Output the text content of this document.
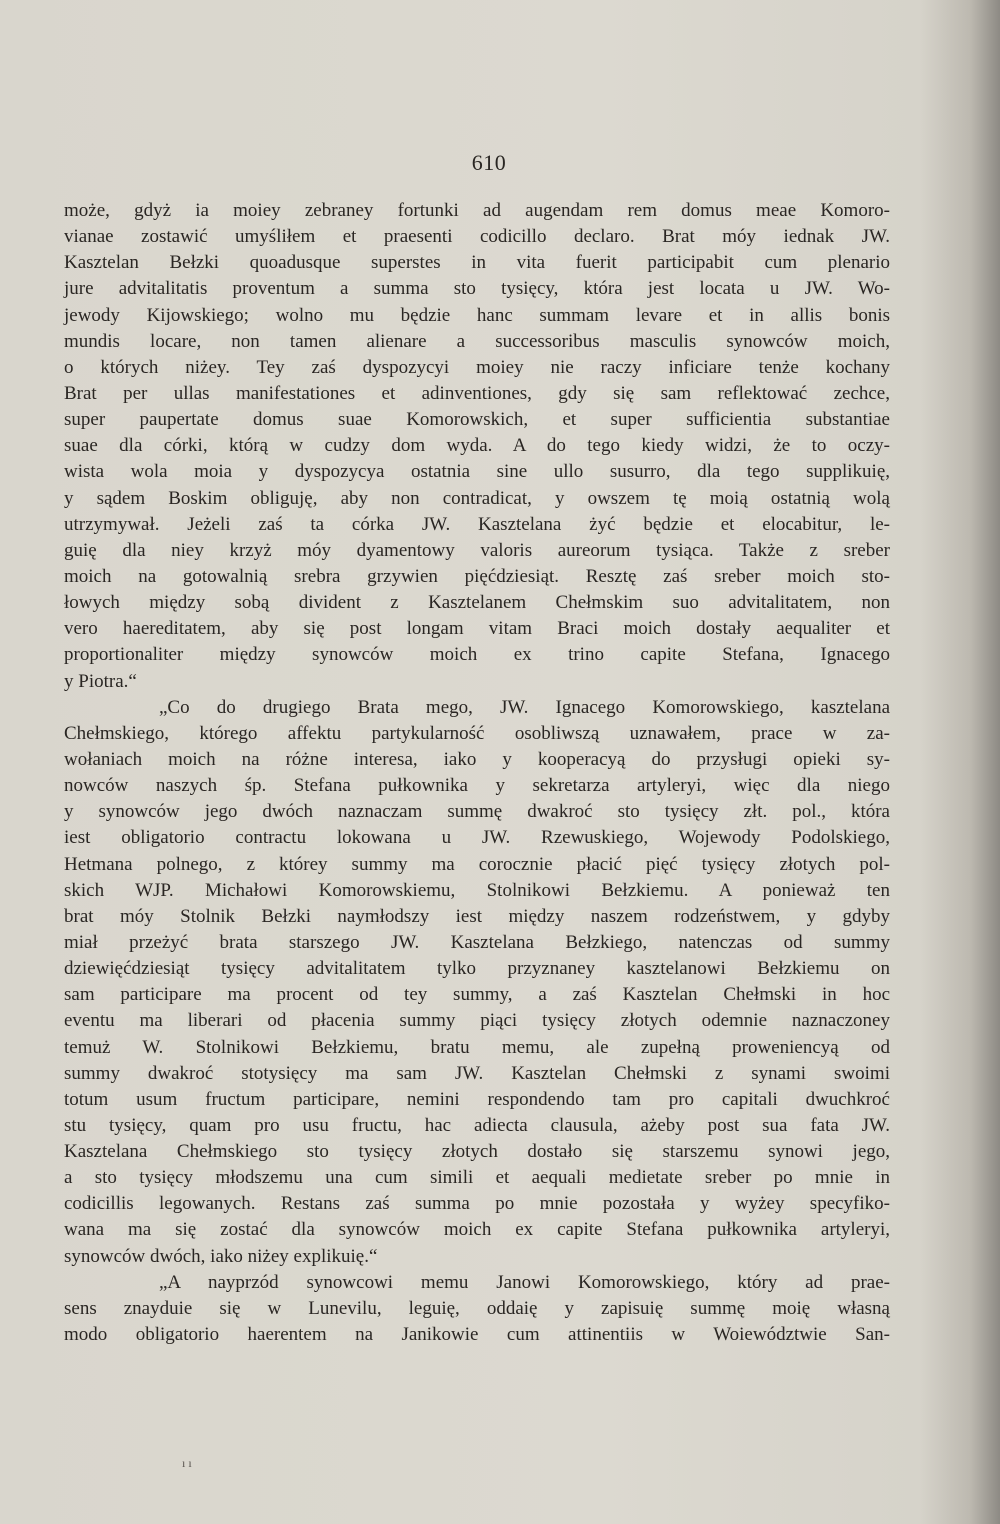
610
może, gdyż ia moiey zebraney fortunki ad augendam rem domus meae Komoro-
vianae zostawić umyśliłem et praesenti codicillo declaro. Brat móy iednak JW.
Kasztelan Bełzki quoadusque superstes in vita fuerit participabit cum plenario
jure advitalitatis proventum a summa sto tysięcy, która jest locata u JW. Wo-
jewody Kijowskiego; wolno mu będzie hanc summam levare et in allis bonis
mundis locare, non tamen alienare a successoribus masculis synowców moich,
o których niżey. Tey zaś dyspozycyi moiey nie raczy inficiare tenże kochany
Brat per ullas manifestationes et adinventiones, gdy się sam reflektować zechce,
super paupertate domus suae Komorowskich, et super sufficientia substantiae
suae dla córki, którą w cudzy dom wyda. A do tego kiedy widzi, że to oczy-
wista wola moia y dyspozycya ostatnia sine ullo susurro, dla tego supplikuię,
y sądem Boskim obliguję, aby non contradicat, y owszem tę moią ostatnią wolą
utrzymywał. Jeżeli zaś ta córka JW. Kasztelana żyć będzie et elocabitur, le-
guię dla niey krzyż móy dyamentowy valoris aureorum tysiąca. Także z sreber
moich na gotowalnią srebra grzywien pięćdziesiąt. Resztę zaś sreber moich sto-
łowych między sobą divident z Kasztelanem Chełmskim suo advitalitatem, non
vero haereditatem, aby się post longam vitam Braci moich dostały aequaliter et
proportionaliter między synowców moich ex trino capite Stefana, Ignacego
y Piotra.“
„Co do drugiego Brata mego, JW. Ignacego Komorowskiego, kasztelana
Chełmskiego, którego affektu partykularność osobliwszą uznawałem, prace w za-
wołaniach moich na różne interesa, iako y kooperacyą do przysługi opieki sy-
nowców naszych śp. Stefana pułkownika y sekretarza artyleryi, więc dla niego
y synowców jego dwóch naznaczam summę dwakroć sto tysięcy złt. pol., która
iest obligatorio contractu lokowana u JW. Rzewuskiego, Wojewody Podolskiego,
Hetmana polnego, z którey summy ma corocznie płacić pięć tysięcy złotych pol-
skich WJP. Michałowi Komorowskiemu, Stolnikowi Bełzkiemu. A ponieważ ten
brat móy Stolnik Bełzki naymłodszy iest między naszem rodzeństwem, y gdyby
miał przeżyć brata starszego JW. Kasztelana Bełzkiego, natenczas od summy
dziewięćdziesiąt tysięcy advitalitatem tylko przyznaney kasztelanowi Bełzkiemu on
sam participare ma procent od tey summy, a zaś Kasztelan Chełmski in hoc
eventu ma liberari od płacenia summy piąci tysięcy złotych odemnie naznaczoney
temuż W. Stolnikowi Bełzkiemu, bratu memu, ale zupełną proweniencyą od
summy dwakroć stotysięcy ma sam JW. Kasztelan Chełmski z synami swoimi
totum usum fructum participare, nemini respondendo tam pro capitali dwuchkroć
stu tysięcy, quam pro usu fructu, hac adiecta clausula, ażeby post sua fata JW.
Kasztelana Chełmskiego sto tysięcy złotych dostało się starszemu synowi jego,
a sto tysięcy młodszemu una cum simili et aequali medietate sreber po mnie in
codicillis legowanych. Restans zaś summa po mnie pozostała y wyżey specyfiko-
wana ma się zostać dla synowców moich ex capite Stefana pułkownika artyleryi,
synowców dwóch, iako niżey explikuię.“
„A nayprzód synowcowi memu Janowi Komorowskiego, który ad prae-
sens znayduie się w Lunevilu, leguię, oddaię y zapisuię summę moię własną
modo obligatorio haerentem na Janikowie cum attinentiis w Woiewództwie San-
ı ı
